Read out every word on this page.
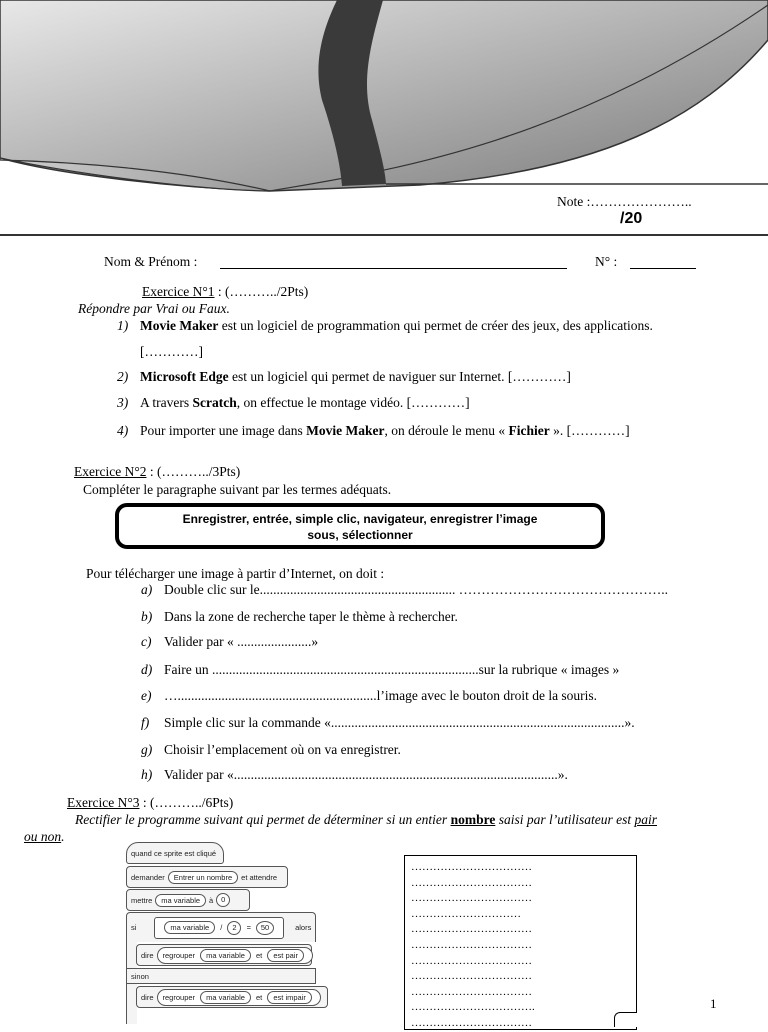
Note :…………………..
/20
Nom & Prénom :	N° :
Exercice N°1 : (………../2Pts)
Répondre par Vrai ou Faux.
1) Movie Maker est un logiciel de programmation qui permet de créer des jeux, des applications.
[…………]
2) Microsoft Edge est un logiciel qui permet de naviguer sur Internet. […………]
3) A travers Scratch, on effectue le montage vidéo. […………]
4) Pour importer une image dans Movie Maker, on déroule le menu « Fichier ». […………]
Exercice N°2 : (………../3Pts)
Compléter le paragraphe suivant par les termes adéquats.
Enregistrer, entrée, simple clic, navigateur, enregistrer l’image
sous, sélectionner
Pour télécharger une image à partir d’Internet, on doit :
a) Double clic sur le.......................................................... ………………………………………..
b) Dans la zone de recherche taper le thème à rechercher.
c) Valider par « ......................»
d) Faire un ...............................................................................sur la rubrique « images »
e) …...........................................................l’image avec le bouton droit de la souris.
f) Simple clic sur la commande «.......................................................................................».
g) Choisir l’emplacement où on va enregistrer.
h) Valider par «................................................................................................».
Exercice N°3 : (………../6Pts)
Rectifier le programme suivant qui permet de déterminer si un entier nombre saisi par l’utilisateur est pair
ou non.
quand ce sprite est cliqué
demander	Entrer un nombre	et attendre
mettre	ma variable	à	0
si	ma variable / 2 = 50	alors
dire	regrouper ma variable et est pair
sinon
dire	regrouper ma variable et est impair
……………………………
……………………………
……………………………
…………………………
……………………………
……………………………
……………………………
……………………………
……………………………
…………………………….
……………………………
1
